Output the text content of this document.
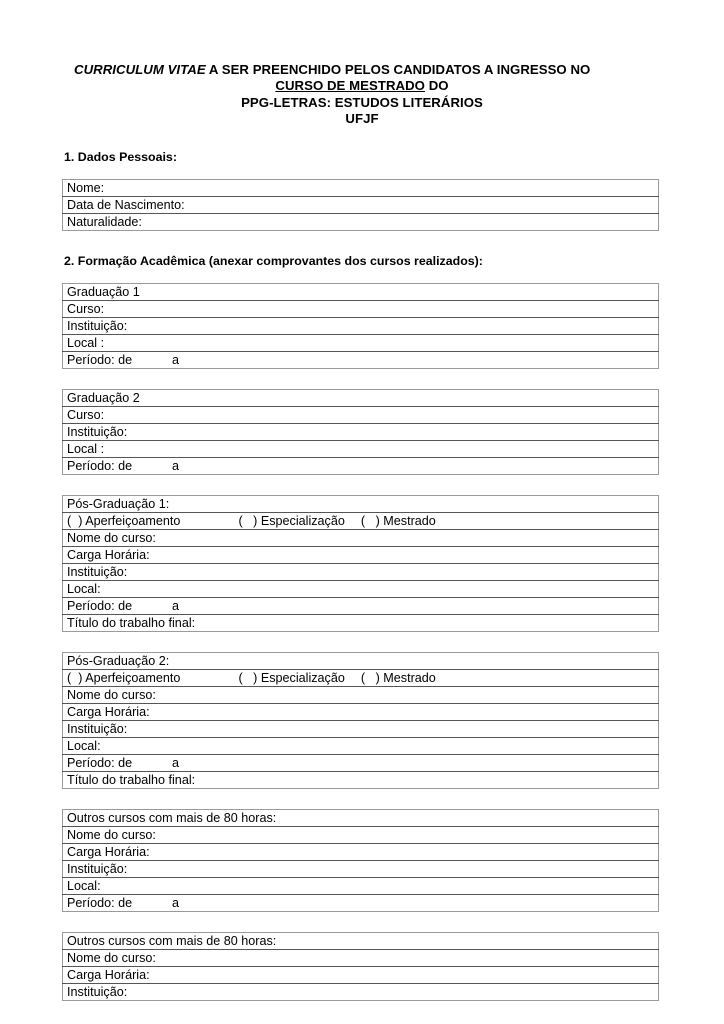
CURRICULUM VITAE A SER PREENCHIDO PELOS CANDIDATOS A INGRESSO NO
CURSO DE MESTRADO DO
PPG-LETRAS: ESTUDOS LITERÁRIOS
UFJF
1. Dados Pessoais:
Nome:
Data de Nascimento:
Naturalidade:
2. Formação Acadêmica (anexar comprovantes dos cursos realizados):
Graduação 1
Curso:
Instituição:
Local :
Período: de	a
Graduação 2
Curso:
Instituição:
Local :
Período: de	a
Pós-Graduação 1:
(  ) Aperfeiçoamento	(   ) Especialização	(   ) Mestrado
Nome do curso:
Carga Horária:
Instituição:
Local:
Período: de	a
Título do trabalho final:
Pós-Graduação 2:
(  ) Aperfeiçoamento	(   ) Especialização	(   ) Mestrado
Nome do curso:
Carga Horária:
Instituição:
Local:
Período: de	a
Título do trabalho final:
Outros cursos com mais de 80 horas:
Nome do curso:
Carga Horária:
Instituição:
Local:
Período: de	a
Outros cursos com mais de 80 horas:
Nome do curso:
Carga Horária:
Instituição:
